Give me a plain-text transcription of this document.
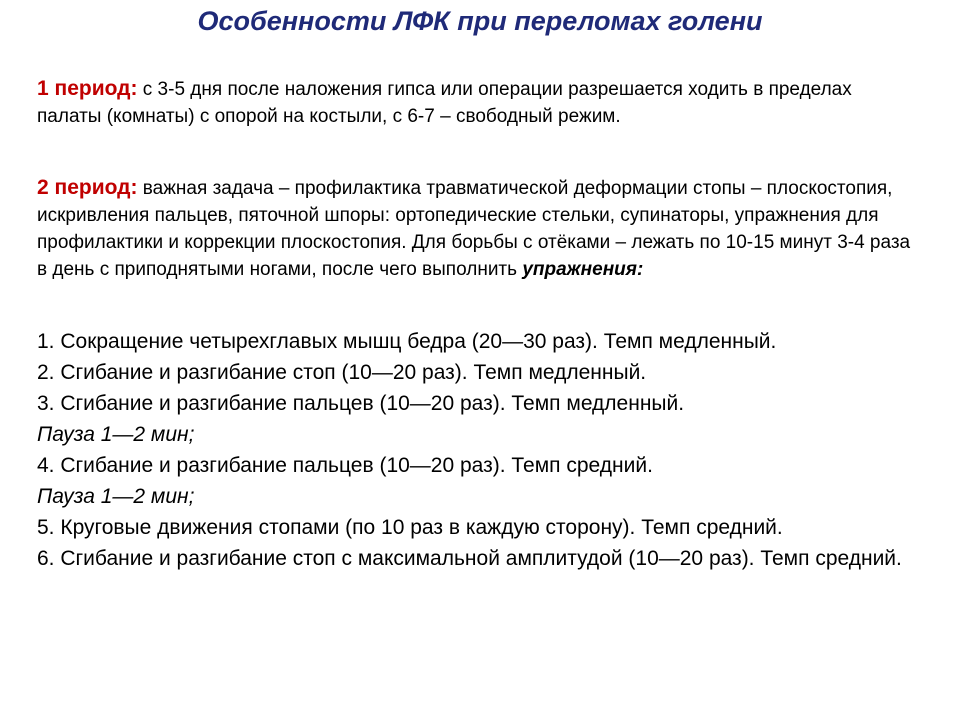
Особенности ЛФК при переломах голени
1 период: с 3-5 дня после наложения гипса или операции разрешается ходить в пределах палаты (комнаты) с опорой на костыли, с 6-7 – свободный режим.
2 период: важная задача – профилактика травматической деформации стопы – плоскостопия, искривления пальцев, пяточной шпоры: ортопедические стельки, супинаторы, упражнения для профилактики и коррекции плоскостопия. Для борьбы с отёками – лежать по 10-15 минут 3-4 раза в день с приподнятыми ногами, после чего выполнить упражнения:
1. Сокращение четырехглавых мышц бедра (20—30 раз). Темп медленный.
2. Сгибание и разгибание стоп (10—20 раз). Темп медленный.
3. Сгибание и разгибание пальцев (10—20 раз). Темп медленный.
Пауза 1—2 мин;
4. Сгибание и разгибание пальцев (10—20 раз). Темп средний.
Пауза 1—2 мин;
5. Круговые движения стопами (по 10 раз в каждую сторону). Темп средний.
6. Сгибание и разгибание стоп с максимальной амплитудой (10—20 раз). Темп средний.
